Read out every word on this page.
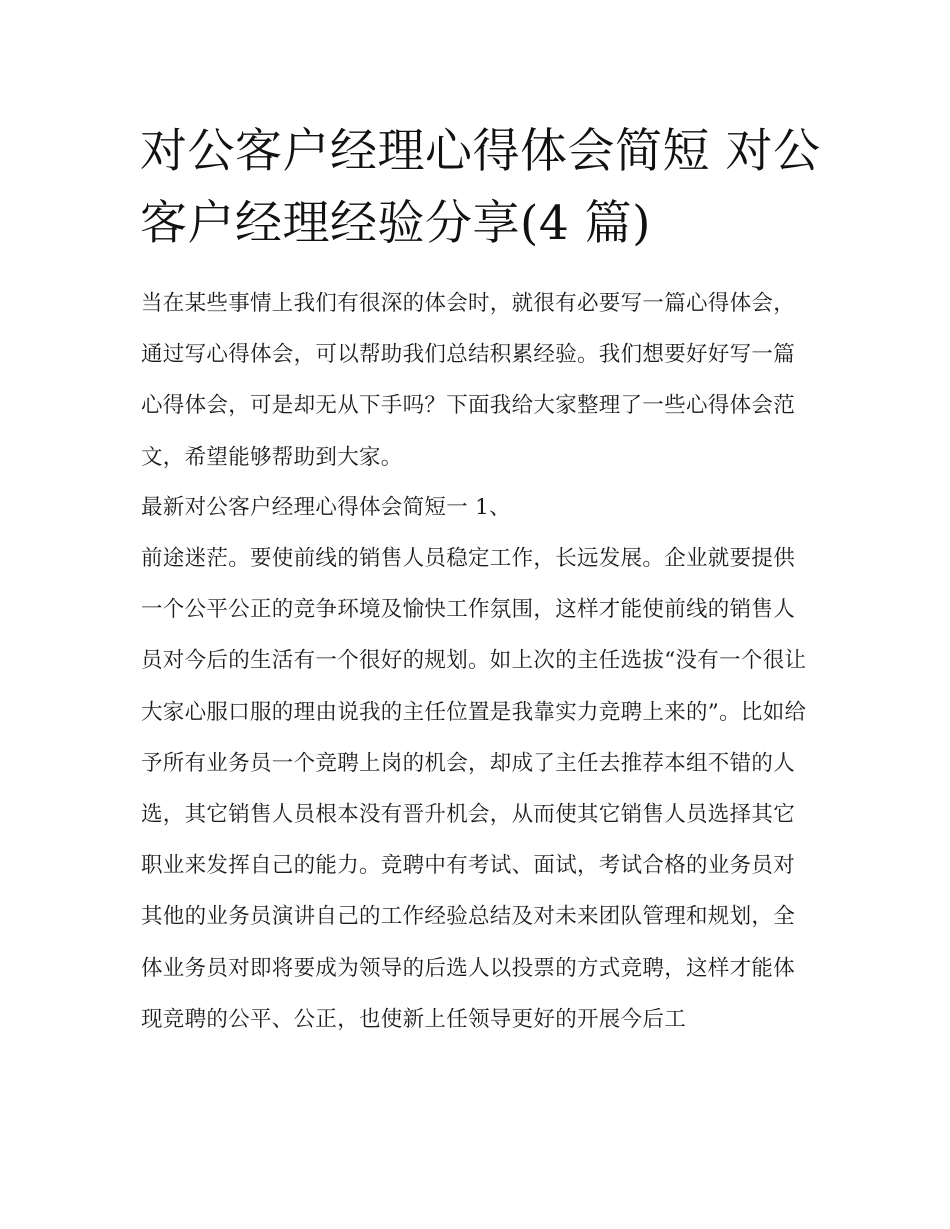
对公客户经理心得体会简短 对公客户经理经验分享(4 篇)

当在某些事情上我们有很深的体会时，就很有必要写一篇心得体会，通过写心得体会，可以帮助我们总结积累经验。我们想要好好写一篇心得体会，可是却无从下手吗？下面我给大家整理了一些心得体会范文，希望能够帮助到大家。

最新对公客户经理心得体会简短一 1、

前途迷茫。要使前线的销售人员稳定工作，长远发展。企业就要提供一个公平公正的竞争环境及愉快工作氛围，这样才能使前线的销售人员对今后的生活有一个很好的规划。如上次的主任选拔“没有一个很让大家心服口服的理由说我的主任位置是我靠实力竞聘上来的”。比如给予所有业务员一个竞聘上岗的机会，却成了主任去推荐本组不错的人选，其它销售人员根本没有晋升机会，从而使其它销售人员选择其它职业来发挥自己的能力。竞聘中有考试、面试，考试合格的业务员对其他的业务员演讲自己的工作经验总结及对未来团队管理和规划，全体业务员对即将要成为领导的后选人以投票的方式竞聘，这样才能体现竞聘的公平、公正，也使新上任领导更好的开展今后工
